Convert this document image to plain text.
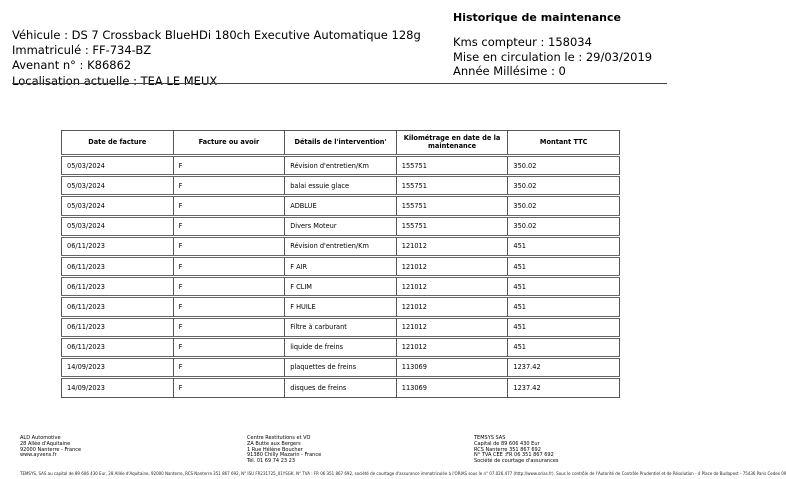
Véhicule : DS 7 Crossback BlueHDi 180ch Executive Automatique 128g
Immatriculé : FF-734-BZ
Avenant n° : K86862
Localisation actuelle : TEA LE MEUX
Historique de maintenance
Kms compteur : 158034
Mise en circulation le : 29/03/2019
Année Millésime : 0
Date de facture	Facture ou avoir	Détails de l'intervention'	Kilométrage en date de la maintenance	Montant TTC
05/03/2024	F	Révision d'entretien/Km	155751	350.02
05/03/2024	F	balai essuie glace	155751	350.02
05/03/2024	F	ADBLUE	155751	350.02
05/03/2024	F	Divers Moteur	155751	350.02
06/11/2023	F	Révision d'entretien/Km	121012	451
06/11/2023	F	F AIR	121012	451
06/11/2023	F	F CLIM	121012	451
06/11/2023	F	F HUILE	121012	451
06/11/2023	F	Filtre à carburant	121012	451
06/11/2023	F	liquide de freins	121012	451
14/09/2023	F	plaquettes de freins	113069	1237.42
14/09/2023	F	disques de freins	113069	1237.42
ALD Automotive
28 Allée d'Aquitaine
92000 Nanterre - France
www.ayvens.fr
Centre Restitutions et VO
ZA Butte aux Bergers
1 Rue Hélène Boucher
91380 Chilly Mazarin - France
Tél. 01 69 74 23 23
TEMSYS SAS
Capital de 89 606 430 Eur
RCS Nanterre 351 867 692
N° TVA CEE :FR 06 351 867 692
Société de courtage d'assurances
TEMSYS, SAS au capital de 89 606 430 Eur, 28 Allée d'Aquitaine, 92000 Nanterre, RCS Nanterre 351 867 692, N° ISU FR231725_01YSGK. N° TVA : FR 06 351 867 692, société de courtage d'assurance immatriculée à l'ORIAS sous le n° 07.026.477 (http://www.orias.fr). Sous le contrôle de l'Autorité de Contrôle Prudentiel et de Résolution - 4 Place de Budapest - 75436 Paris Cedex 09
